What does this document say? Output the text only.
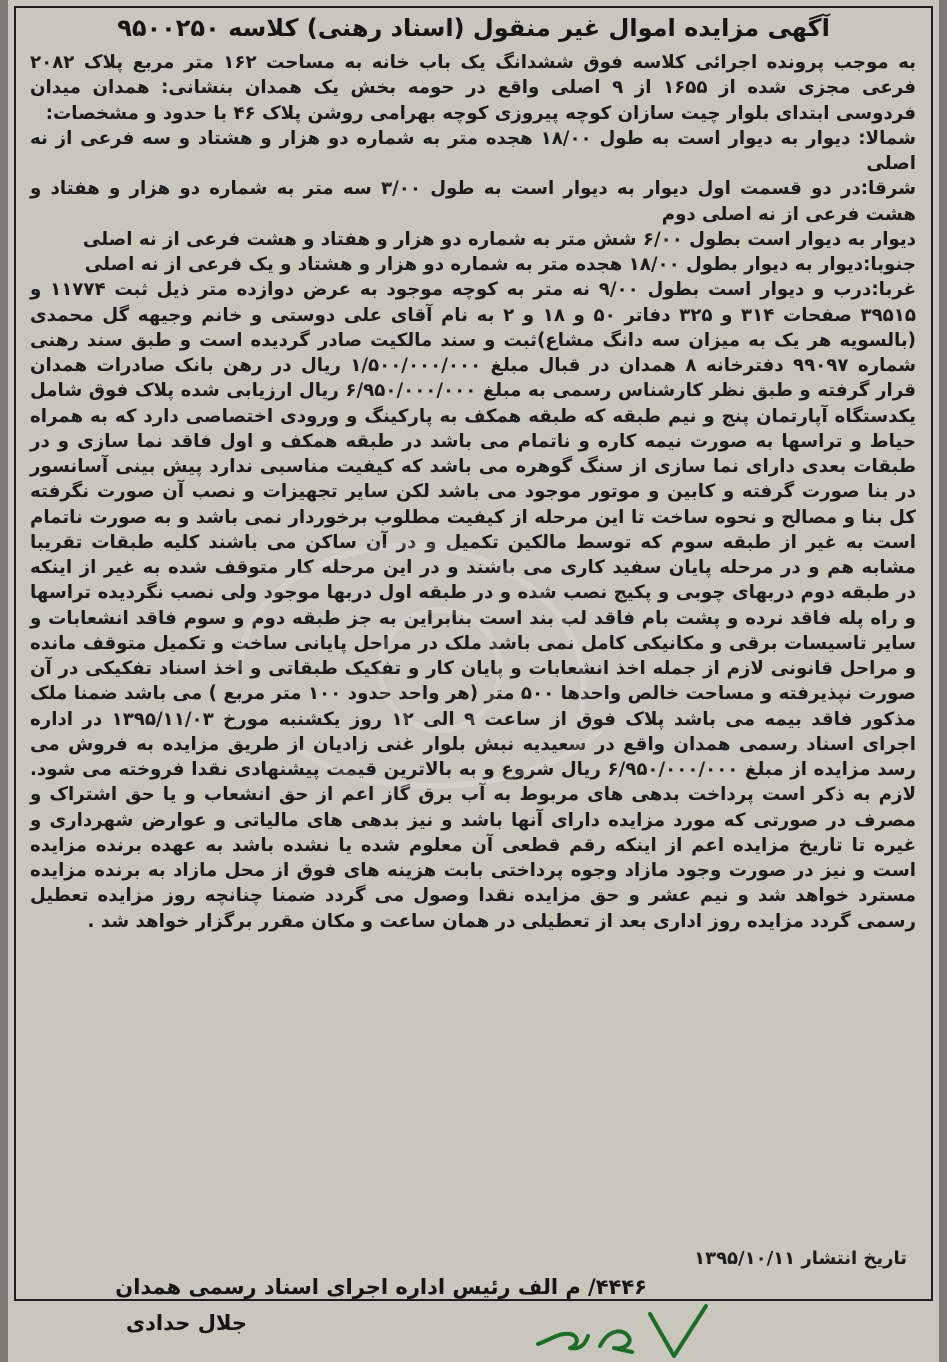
آگهی مزایده اموال غیر منقول (اسناد رهنی) کلاسه ۹۵۰۰۲۵۰

به موجب پرونده اجرائی کلاسه فوق ششدانگ یک باب خانه به مساحت ۱۶۲ متر مربع پلاک ۲۰۸۲ فرعی مجزی شده از ۱۶۵۵ از ۹ اصلی واقع در حومه بخش یک همدان بنشانی: همدان میدان فردوسی ابتدای بلوار چیت سازان کوچه پیروزی کوچه بهرامی روشن پلاک ۴۶ با حدود و مشخصات:

شمالا: دیوار به دیوار است به طول ۱۸/۰۰ هجده متر به شماره دو هزار و هشتاد و سه فرعی از نه اصلی

شرقا:در دو قسمت اول دیوار به دیوار است به طول ۳/۰۰ سه متر به شماره دو هزار و هفتاد و هشت فرعی از نه اصلی دوم

دیوار به دیوار است بطول ۶/۰۰ شش متر به شماره دو هزار و هفتاد و هشت فرعی از نه اصلی

جنوبا:دیوار به دیوار بطول ۱۸/۰۰ هجده متر به شماره دو هزار و هشتاد و یک فرعی از نه اصلی

غربا:درب و دیوار است بطول ۹/۰۰ نه متر به کوچه موجود به عرض دوازده متر ذیل ثبت ۱۱۷۷۴ و ۳۹۵۱۵ صفحات ۳۱۴ و ۳۲۵ دفاتر ۵۰ و ۱۸ و ۲ به نام آقای علی دوستی و خانم وجیهه گل محمدی (بالسویه هر یک به میزان سه دانگ مشاع)ثبت و سند مالکیت صادر گردیده است و طبق سند رهنی شماره ۹۹۰۹۷ دفترخانه ۸ همدان در قبال مبلغ ۱/۵۰۰/۰۰۰/۰۰۰ ریال در رهن بانک صادرات همدان قرار گرفته و طبق نظر کارشناس رسمی به مبلغ ۶/۹۵۰/۰۰۰/۰۰۰ ریال ارزیابی شده پلاک فوق شامل یکدستگاه آپارتمان پنج و نیم طبقه که طبقه همکف به پارکینگ و ورودی اختصاصی دارد که به همراه حیاط و تراسها به صورت نیمه کاره و ناتمام می باشد در طبقه همکف و اول فاقد نما سازی و در طبقات بعدی دارای نما سازی از سنگ گوهره می باشد که کیفیت مناسبی ندارد پیش بینی آسانسور در بنا صورت گرفته و کابین و موتور موجود می باشد لکن سایر تجهیزات و نصب آن صورت نگرفته کل بنا و مصالح و نحوه ساخت تا این مرحله از کیفیت مطلوب برخوردار نمی باشد و به صورت ناتمام است به غیر از طبقه سوم که توسط مالکین تکمیل و در آن ساکن می باشند کلیه طبقات تقریبا مشابه هم و در مرحله پایان سفید کاری می باشند و در این مرحله کار متوقف شده به غیر از اینکه در طبقه دوم دربهای چوبی و پکیج نصب شده و در طبقه اول دربها موجود ولی نصب نگردیده تراسها و راه پله فاقد نرده و پشت بام فاقد لب بند است بنابراین به جز طبقه دوم و سوم فاقد انشعابات و سایر تاسیسات برقی و مکانیکی کامل نمی باشد ملک در مراحل پایانی ساخت و تکمیل متوقف مانده و مراحل قانونی لازم از جمله اخذ انشعابات و پایان کار و تفکیک طبقاتی و اخذ اسناد تفکیکی در آن صورت نپذیرفته و مساحت خالص واحدها ۵۰۰ متر (هر واحد حدود ۱۰۰ متر مربع ) می باشد ضمنا ملک مذکور فاقد بیمه می باشد پلاک فوق از ساعت ۹ الی ۱۲ روز یکشنبه مورخ ۱۳۹۵/۱۱/۰۳ در اداره اجرای اسناد رسمی همدان واقع در سعیدیه نبش بلوار غنی زادیان از طریق مزایده به فروش می رسد مزایده از مبلغ ۶/۹۵۰/۰۰۰/۰۰۰ ریال شروع و به بالاترین قیمت پیشنهادی نقدا فروخته می شود. لازم به ذکر است پرداخت بدهی های مربوط به آب برق گاز اعم از حق انشعاب و یا حق اشتراک و مصرف در صورتی که مورد مزایده دارای آنها باشد و نیز بدهی های مالیاتی و عوارض شهرداری و غیره تا تاریخ مزایده اعم از اینکه رقم قطعی آن معلوم شده یا نشده باشد به عهده برنده مزایده است و نیز در صورت وجود مازاد وجوه پرداختی بابت هزینه های فوق از محل مازاد به برنده مزایده مسترد خواهد شد و نیم عشر و حق مزایده نقدا وصول می گردد ضمنا چنانچه روز مزایده تعطیل رسمی گردد مزایده روز اداری بعد از تعطیلی در همان ساعت و مکان مقرر برگزار خواهد شد .

تاریخ انتشار ۱۳۹۵/۱۰/۱۱
۴۴۴۶/ م الف رئیس اداره اجرای اسناد رسمی همدان
جلال حدادی
